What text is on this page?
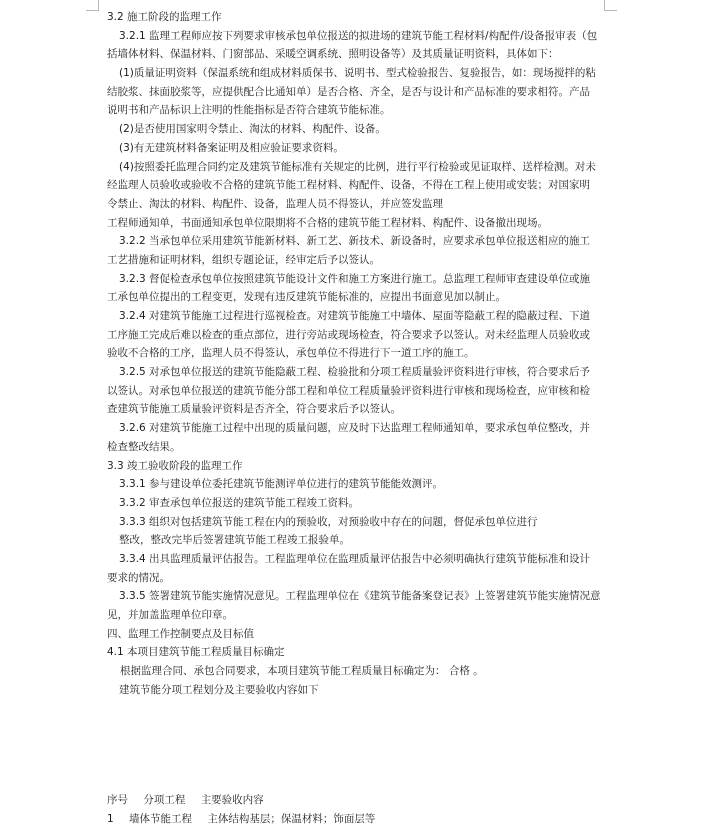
3.2 施工阶段的监理工作
3.2.1 监理工程师应按下列要求审核承包单位报送的拟进场的建筑节能工程材料/构配件/设备报审表（包
括墙体材料、保温材料、门窗部品、采暖空调系统、照明设备等）及其质量证明资料，具体如下：
(1)质量证明资料（保温系统和组成材料质保书、说明书、型式检验报告、复验报告，如：现场搅拌的粘
结胶浆、抹面胶浆等，应提供配合比通知单）是否合格、齐全，是否与设计和产品标准的要求相符。产品
说明书和产品标识上注明的性能指标是否符合建筑节能标准。
(2)是否使用国家明令禁止、淘汰的材料、构配件、设备。
(3)有无建筑材料备案证明及相应验证要求资料。
(4)按照委托监理合同约定及建筑节能标准有关规定的比例，进行平行检验或见证取样、送样检测。对未
经监理人员验收或验收不合格的建筑节能工程材料、构配件、设备，不得在工程上使用或安装；对国家明
令禁止、淘汰的材料、构配件、设备，监理人员不得签认，并应签发监理
工程师通知单，书面通知承包单位限期将不合格的建筑节能工程材料、构配件、设备撤出现场。
3.2.2 当承包单位采用建筑节能新材料、新工艺、新技术、新设备时，应要求承包单位报送相应的施工
工艺措施和证明材料，组织专题论证，经审定后予以签认。
3.2.3 督促检查承包单位按照建筑节能设计文件和施工方案进行施工。总监理工程师审查建设单位或施
工承包单位提出的工程变更，发现有违反建筑节能标准的，应提出书面意见加以制止。
3.2.4 对建筑节能施工过程进行巡视检查。对建筑节能施工中墙体、屋面等隐蔽工程的隐蔽过程、下道
工序施工完成后难以检查的重点部位，进行旁站或现场检查，符合要求予以签认。对未经监理人员验收或
验收不合格的工序，监理人员不得签认，承包单位不得进行下一道工序的施工。
3.2.5 对承包单位报送的建筑节能隐蔽工程、检验批和分项工程质量验评资料进行审核，符合要求后予
以签认。对承包单位报送的建筑节能分部工程和单位工程质量验评资料进行审核和现场检查，应审核和检
查建筑节能施工质量验评资料是否齐全，符合要求后予以签认。
3.2.6 对建筑节能施工过程中出现的质量问题，应及时下达监理工程师通知单，要求承包单位整改，并
检查整改结果。
3.3 竣工验收阶段的监理工作
3.3.1 参与建设单位委托建筑节能测评单位进行的建筑节能能效测评。
3.3.2 审查承包单位报送的建筑节能工程竣工资料。
3.3.3 组织对包括建筑节能工程在内的预验收，对预验收中存在的问题，督促承包单位进行
整改，整改完毕后签署建筑节能工程竣工报验单。
3.3.4 出具监理质量评估报告。工程监理单位在监理质量评估报告中必须明确执行建筑节能标准和设计
要求的情况。
3.3.5 签署建筑节能实施情况意见。工程监理单位在《建筑节能备案登记表》上签署建筑节能实施情况意
见，并加盖监理单位印章。
四、监理工作控制要点及目标值
4.1 本项目建筑节能工程质量目标确定
根据监理合同、承包合同要求，本项目建筑节能工程质量目标确定为： 合格 。
建筑节能分项工程划分及主要验收内容如下
序号 分项工程 主要验收内容
1 墙体节能工程 主体结构基层；保温材料；饰面层等
